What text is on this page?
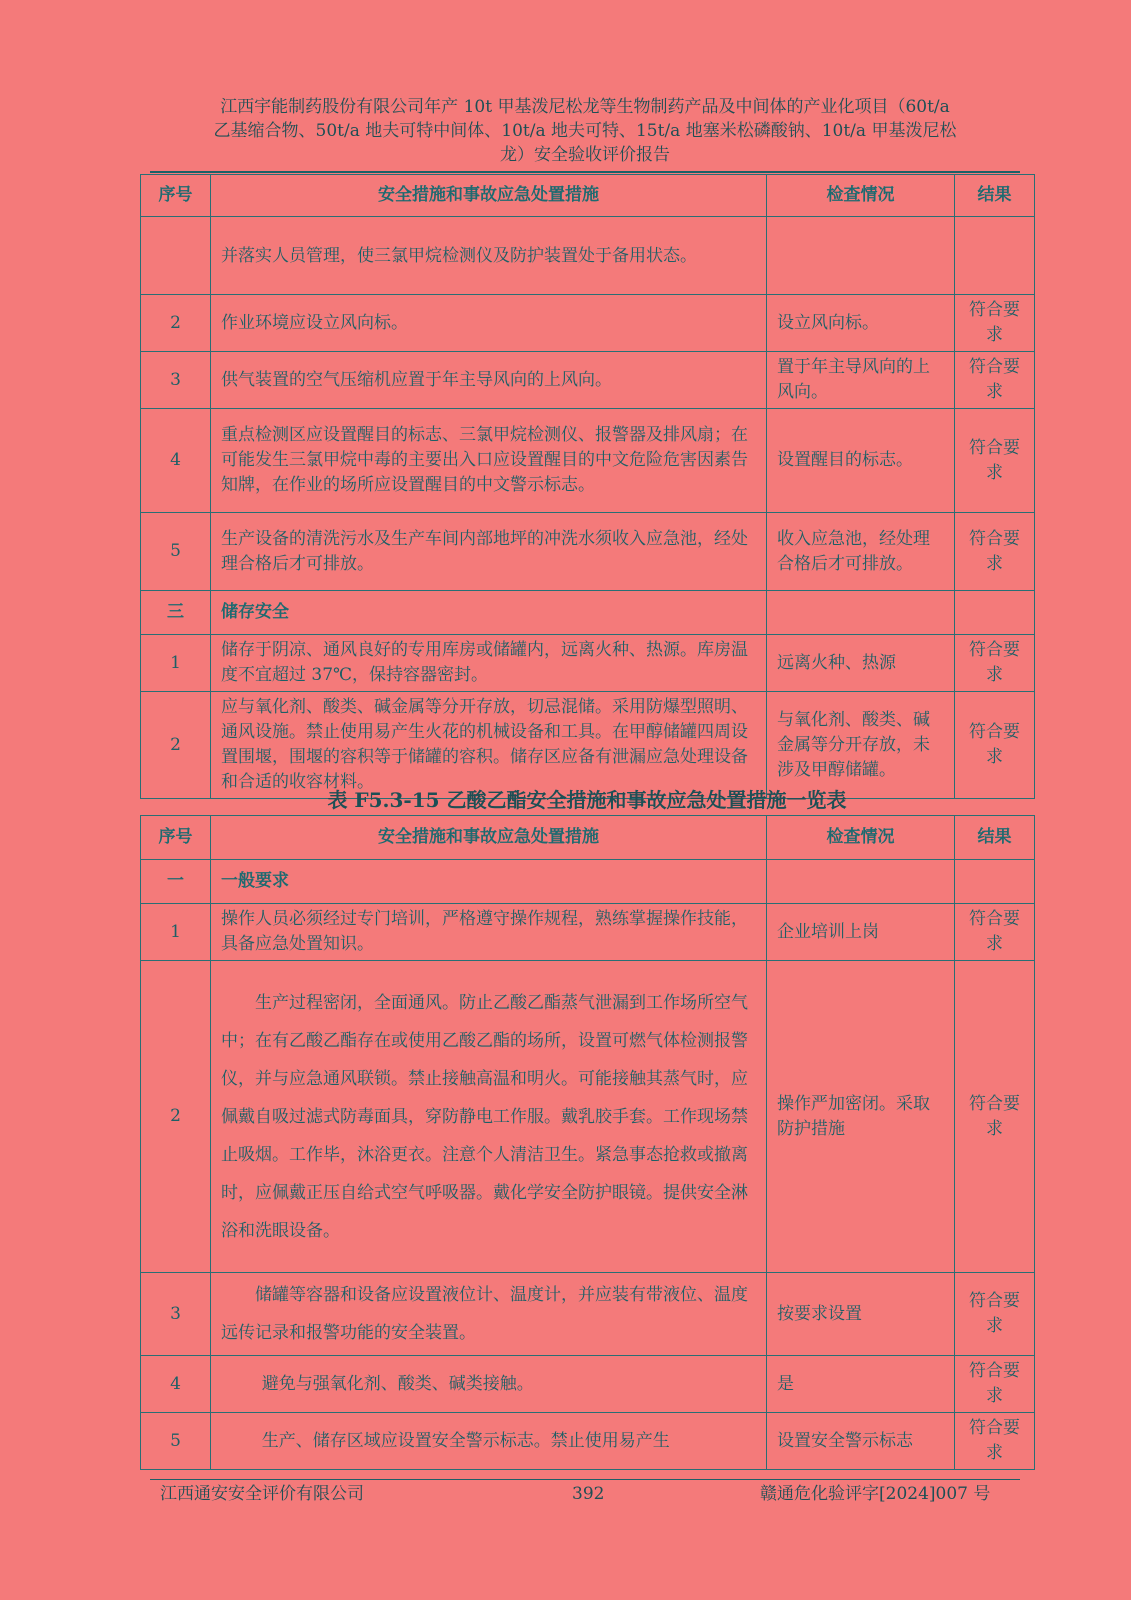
江西宇能制药股份有限公司年产 10t 甲基泼尼松龙等生物制药产品及中间体的产业化项目（60t/a
乙基缩合物、50t/a 地夫可特中间体、10t/a 地夫可特、15t/a 地塞米松磷酸钠、10t/a 甲基泼尼松
龙）安全验收评价报告
序号	安全措施和事故应急处置措施	检查情况	结果
	并落实人员管理，使三氯甲烷检测仪及防护装置处于备用状态。		
2	作业环境应设立风向标。	设立风向标。	符合要求
3	供气装置的空气压缩机应置于年主导风向的上风向。	置于年主导风向的上风向。	符合要求
4	重点检测区应设置醒目的标志、三氯甲烷检测仪、报警器及排风扇；在可能发生三氯甲烷中毒的主要出入口应设置醒目的中文危险危害因素告知牌，在作业的场所应设置醒目的中文警示标志。	设置醒目的标志。	符合要求
5	生产设备的清洗污水及生产车间内部地坪的冲洗水须收入应急池，经处理合格后才可排放。	收入应急池，经处理合格后才可排放。	符合要求
三	储存安全		
1	储存于阴凉、通风良好的专用库房或储罐内，远离火种、热源。库房温度不宜超过 37℃，保持容器密封。	远离火种、热源	符合要求
2	应与氧化剂、酸类、碱金属等分开存放，切忌混储。采用防爆型照明、通风设施。禁止使用易产生火花的机械设备和工具。在甲醇储罐四周设置围堰，围堰的容积等于储罐的容积。储存区应备有泄漏应急处理设备和合适的收容材料。	与氧化剂、酸类、碱金属等分开存放，未涉及甲醇储罐。	符合要求
表 F5.3-15 乙酸乙酯安全措施和事故应急处置措施一览表
序号	安全措施和事故应急处置措施	检查情况	结果
一	一般要求		
1	操作人员必须经过专门培训，严格遵守操作规程，熟练掌握操作技能，具备应急处置知识。	企业培训上岗	符合要求
2	生产过程密闭，全面通风。防止乙酸乙酯蒸气泄漏到工作场所空气中；在有乙酸乙酯存在或使用乙酸乙酯的场所，设置可燃气体检测报警仪，并与应急通风联锁。禁止接触高温和明火。可能接触其蒸气时，应佩戴自吸过滤式防毒面具，穿防静电工作服。戴乳胶手套。工作现场禁止吸烟。工作毕，沐浴更衣。注意个人清洁卫生。紧急事态抢救或撤离时，应佩戴正压自给式空气呼吸器。戴化学安全防护眼镜。提供安全淋浴和洗眼设备。	操作严加密闭。采取防护措施	符合要求
3	储罐等容器和设备应设置液位计、温度计，并应装有带液位、温度远传记录和报警功能的安全装置。	按要求设置	符合要求
4	避免与强氧化剂、酸类、碱类接触。	是	符合要求
5	生产、储存区域应设置安全警示标志。禁止使用易产生	设置安全警示标志	符合要求
江西通安安全评价有限公司	392	赣通危化验评字[2024]007 号
